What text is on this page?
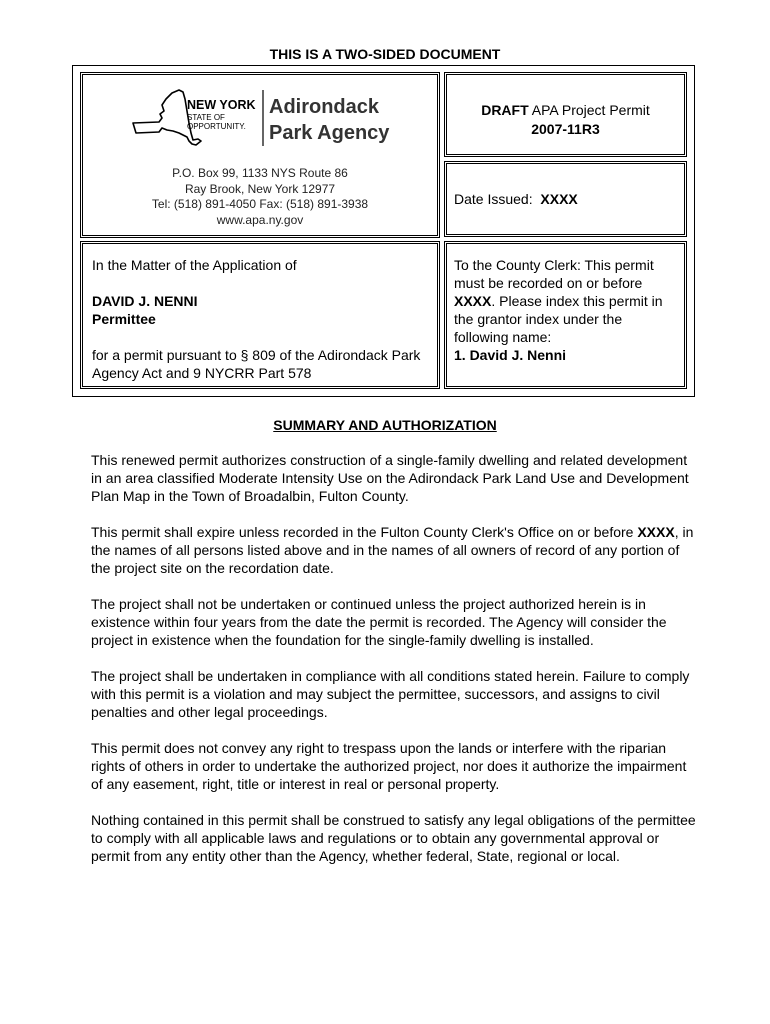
THIS IS A TWO-SIDED DOCUMENT
NEW YORK
STATE OF
OPPORTUNITY.
Adirondack
Park Agency
P.O. Box 99, 1133 NYS Route 86
Ray Brook, New York 12977
Tel: (518) 891-4050 Fax: (518) 891-3938
www.apa.ny.gov
DRAFT APA Project Permit
2007-11R3
Date Issued: XXXX

In the Matter of the Application of

DAVID J. NENNI

Permittee

for a permit pursuant to § 809 of the Adirondack Park Agency Act and 9 NYCRR Part 578

To the County Clerk: This permit must be recorded on or before XXXX. Please index this permit in the grantor index under the following name:
1. David J. Nenni
SUMMARY AND AUTHORIZATION

This renewed permit authorizes construction of a single-family dwelling and related development in an area classified Moderate Intensity Use on the Adirondack Park Land Use and Development Plan Map in the Town of Broadalbin, Fulton County.

This permit shall expire unless recorded in the Fulton County Clerk's Office on or before XXXX, in the names of all persons listed above and in the names of all owners of record of any portion of the project site on the recordation date.

The project shall not be undertaken or continued unless the project authorized herein is in existence within four years from the date the permit is recorded. The Agency will consider the project in existence when the foundation for the single-family dwelling is installed.

The project shall be undertaken in compliance with all conditions stated herein. Failure to comply with this permit is a violation and may subject the permittee, successors, and assigns to civil penalties and other legal proceedings.

This permit does not convey any right to trespass upon the lands or interfere with the riparian rights of others in order to undertake the authorized project, nor does it authorize the impairment of any easement, right, title or interest in real or personal property.

Nothing contained in this permit shall be construed to satisfy any legal obligations of the permittee to comply with all applicable laws and regulations or to obtain any governmental approval or permit from any entity other than the Agency, whether federal, State, regional or local.
